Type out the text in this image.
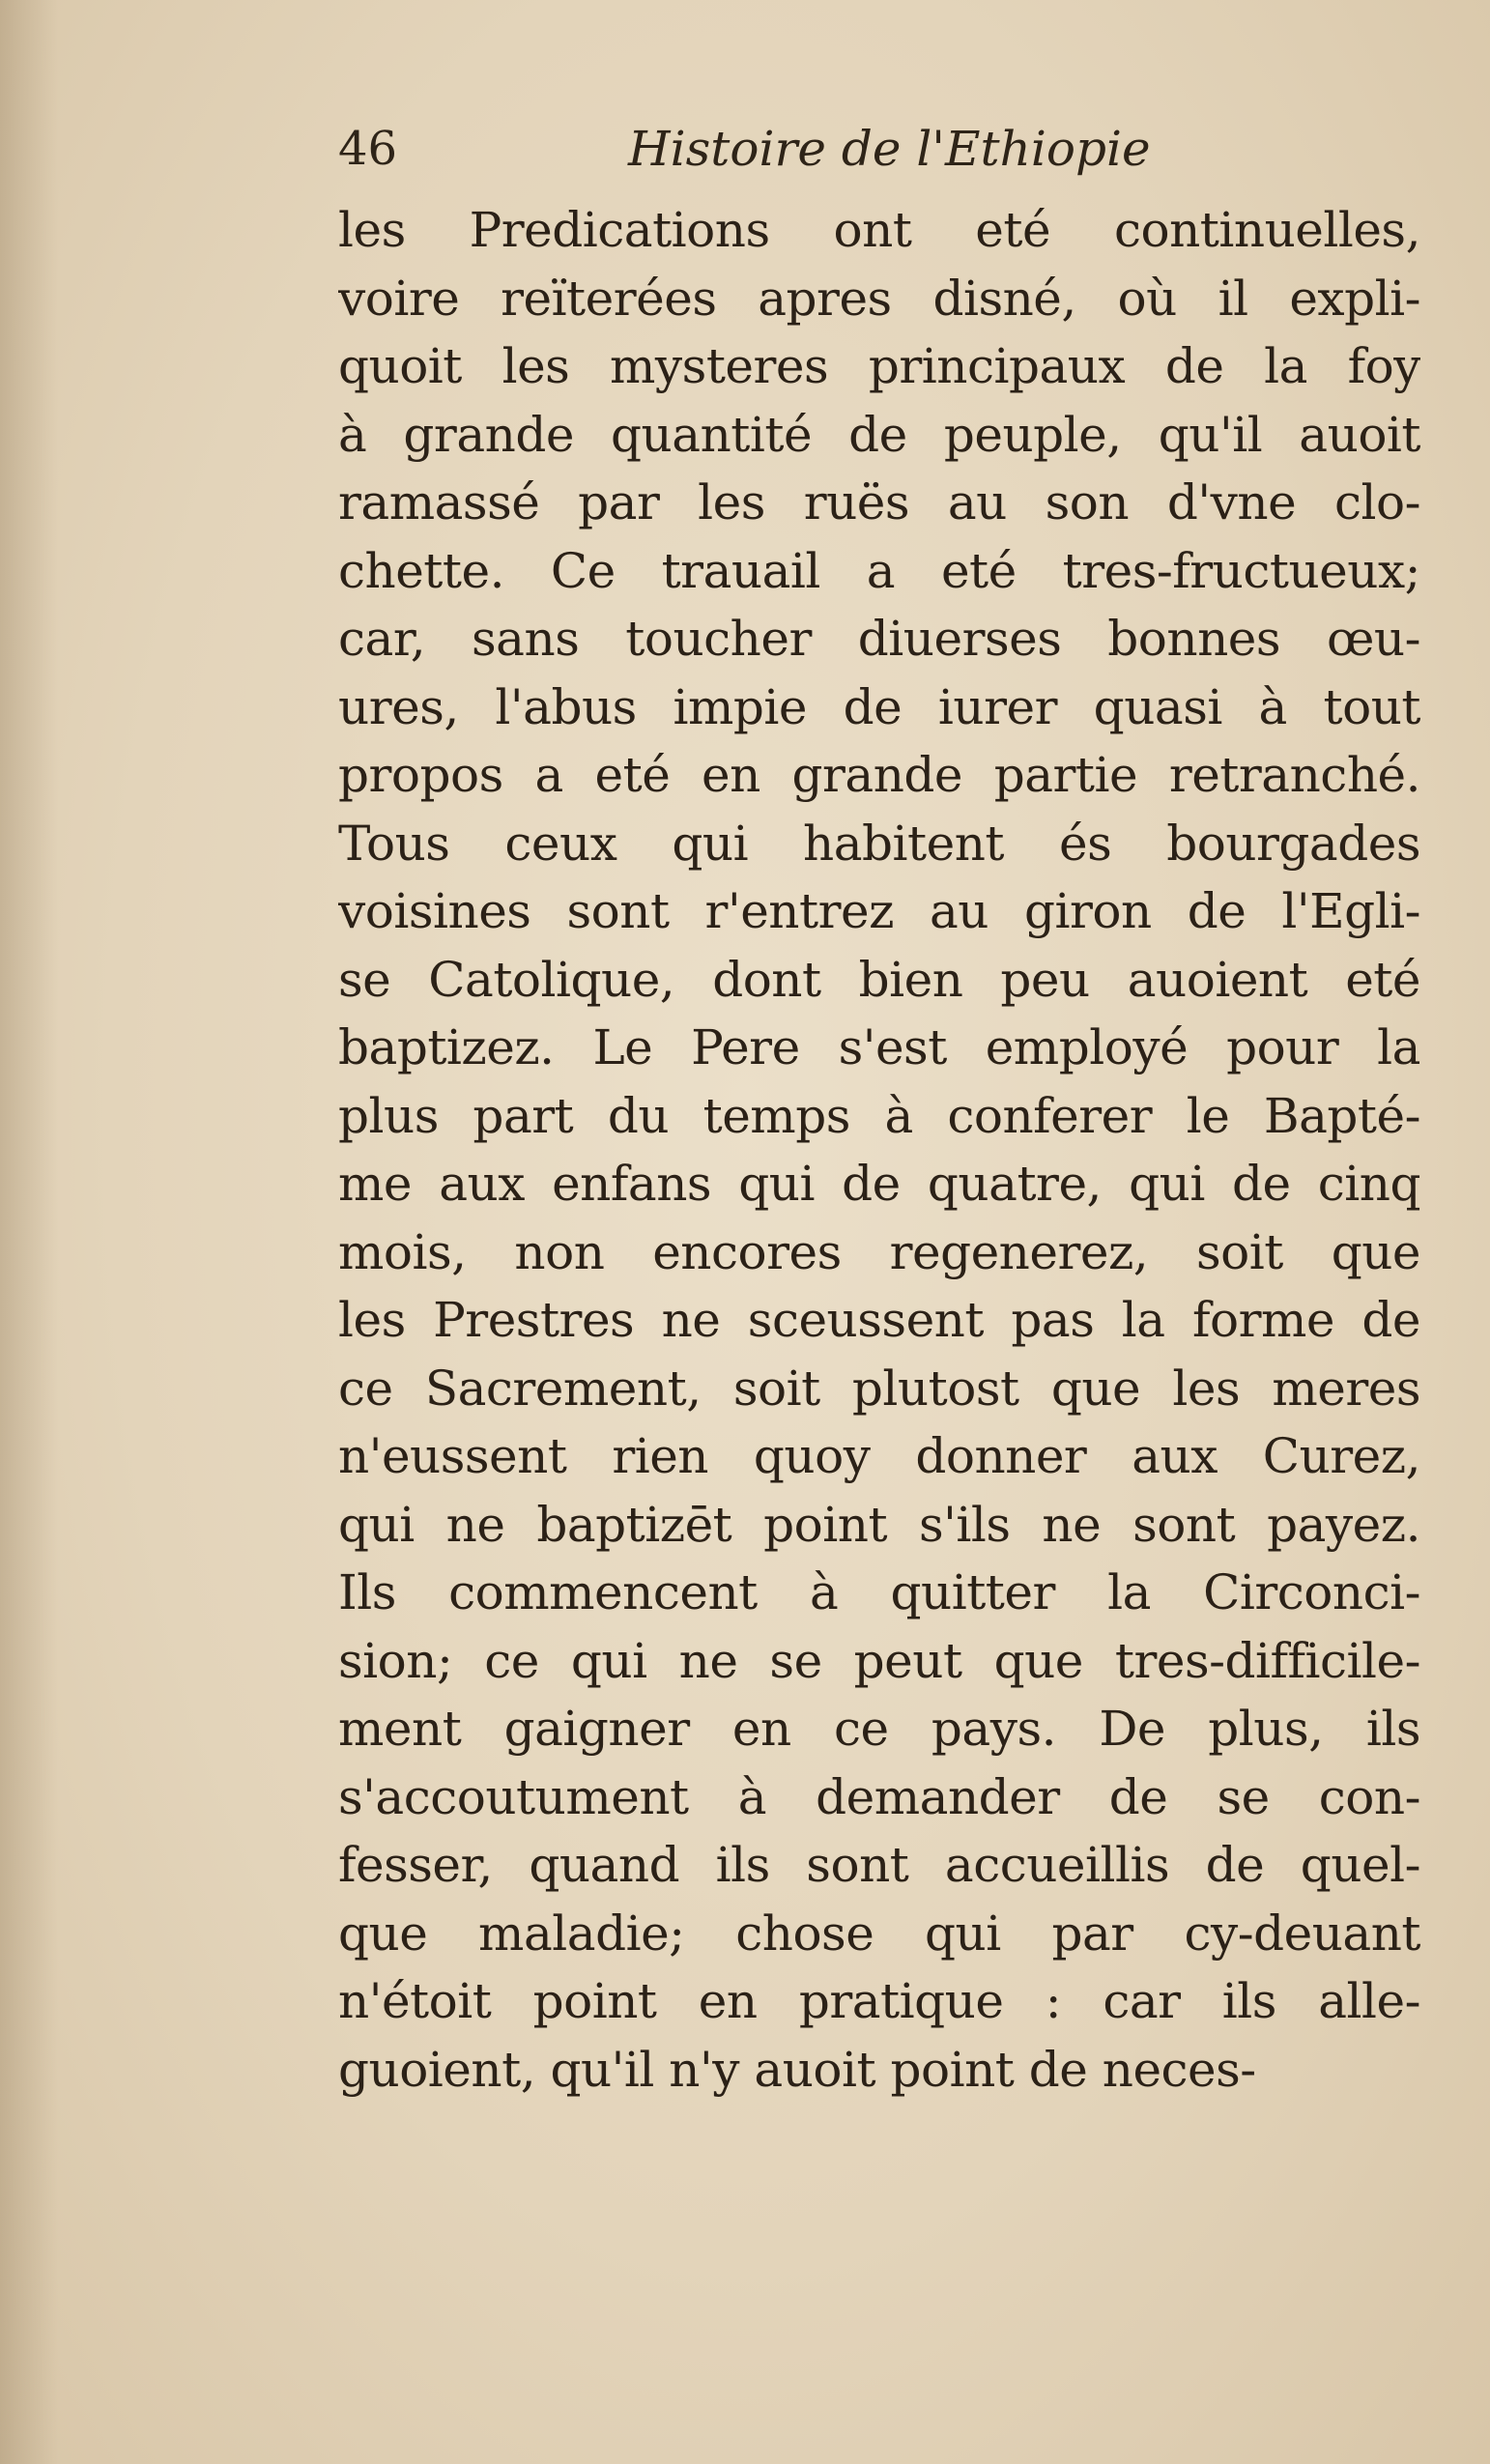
46	Histoire de l'Ethiopie
les Predications ont eté continuelles,
voire reïterées apres disné, où il expli-
quoit les mysteres principaux de la foy
à grande quantité de peuple, qu'il auoit
ramassé par les ruës au son d'vne clo-
chette. Ce trauail a eté tres-fructueux;
car, sans toucher diuerses bonnes œu-
ures, l'abus impie de iurer quasi à tout
propos a eté en grande partie retranché.
Tous ceux qui habitent és bourgades
voisines sont r'entrez au giron de l'Egli-
se Catolique, dont bien peu auoient eté
baptizez. Le Pere s'est employé pour la
plus part du temps à conferer le Bapté-
me aux enfans qui de quatre, qui de cinq
mois, non encores regenerez, soit que
les Prestres ne sceussent pas la forme de
ce Sacrement, soit plutost que les meres
n'eussent rien quoy donner aux Curez,
qui ne baptizēt point s'ils ne sont payez.
Ils commencent à quitter la Circonci-
sion; ce qui ne se peut que tres-difficile-
ment gaigner en ce pays. De plus, ils
s'accoutument à demander de se con-
fesser, quand ils sont accueillis de quel-
que maladie; chose qui par cy-deuant
n'étoit point en pratique : car ils alle-
guoient, qu'il n'y auoit point de neces-
